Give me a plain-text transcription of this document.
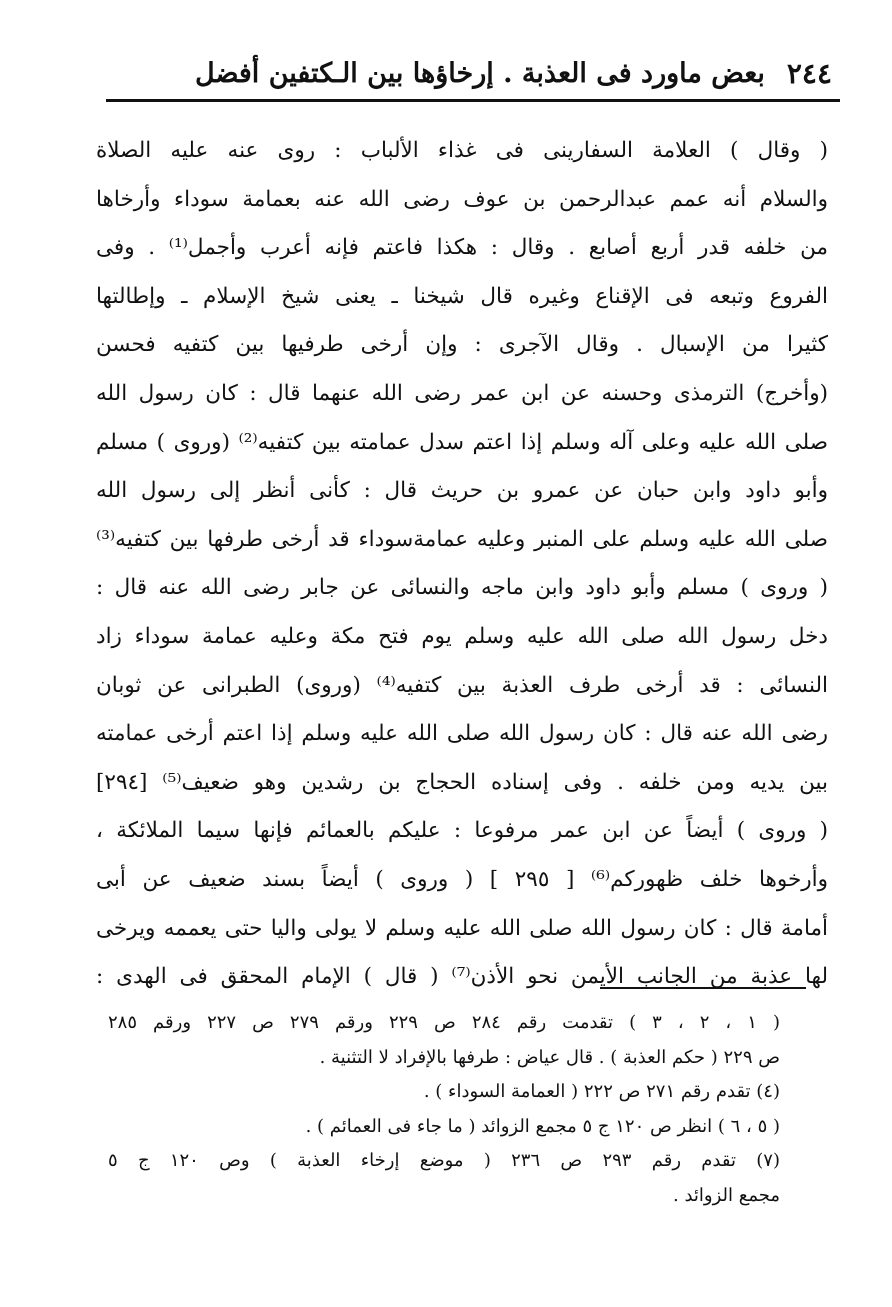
٢٤٤
بعض ماورد فى العذبة . إرخاؤها بين الـكتفين أفضل
( وقال ) العلامة السفارينى فى غذاء الألباب : روى عنه عليه الصلاة
والسلام أنه عمم عبدالرحمن بن عوف رضى الله عنه بعمامة سوداء وأرخاها
من خلفه قدر أربع أصابع . وقال : هكذا فاعتم فإنه أعرب وأجمل⁽¹⁾ . وفى
الفروع وتبعه فى الإقناع وغيره قال شيخنا ـ يعنى شيخ الإسلام ـ وإطالتها
كثيرا من الإسبال . وقال الآجرى : وإن أرخى طرفيها بين كتفيه فحسن
(وأخرج) الترمذى وحسنه عن ابن عمر رضى الله عنهما قال : كان رسول الله
صلى الله عليه وعلى آله وسلم إذا اعتم سدل عمامته بين كتفيه⁽²⁾ (وروى ) مسلم
وأبو داود وابن حبان عن عمرو بن حريث قال : كأنى أنظر إلى رسول الله
صلى الله عليه وسلم على المنبر وعليه عمامةسوداء قد أرخى طرفها بين كتفيه⁽³⁾
( وروى ) مسلم وأبو داود وابن ماجه والنسائى عن جابر رضى الله عنه قال :
دخل رسول الله صلى الله عليه وسلم يوم فتح مكة وعليه عمامة سوداء زاد
النسائى : قد أرخى طرف العذبة بين كتفيه⁽⁴⁾ (وروى) الطبرانى عن ثوبان
رضى الله عنه قال : كان رسول الله صلى الله عليه وسلم إذا اعتم أرخى عمامته
بين يديه ومن خلفه . وفى إسناده الحجاج بن رشدين وهو ضعيف⁽⁵⁾ [٢٩٤]
( وروى ) أيضاً عن ابن عمر مرفوعا : عليكم بالعمائم فإنها سيما الملائكة ،
وأرخوها خلف ظهوركم⁽⁶⁾ [ ٢٩٥ ] ( وروى ) أيضاً بسند ضعيف عن أبى
أمامة قال : كان رسول الله صلى الله عليه وسلم لا يولى واليا حتى يعممه ويرخى
لها عذبة من الجانب الأيمن نحو الأذن⁽⁷⁾ ( قال ) الإمام المحقق فى الهدى :
( ١ ، ٢ ، ٣ ) تقدمت رقم ٢٨٤ ص ٢٢٩ ورقم ٢٧٩ ص ٢٢٧ ورقم ٢٨٥
ص ٢٢٩ ( حكم العذبة ) . قال عياض : طرفها بالإفراد لا التثنية .
(٤) تقدم رقم ٢٧١ ص ٢٢٢ ( العمامة السوداء ) .
( ٥ ، ٦ ) انظر ص ١٢٠ ج ٥ مجمع الزوائد ( ما جاء فى العمائم ) .
(٧) تقدم رقم ٢٩٣ ص ٢٣٦ ( موضع إرخاء العذبة ) وص ١٢٠ ج ٥
مجمع الزوائد .
